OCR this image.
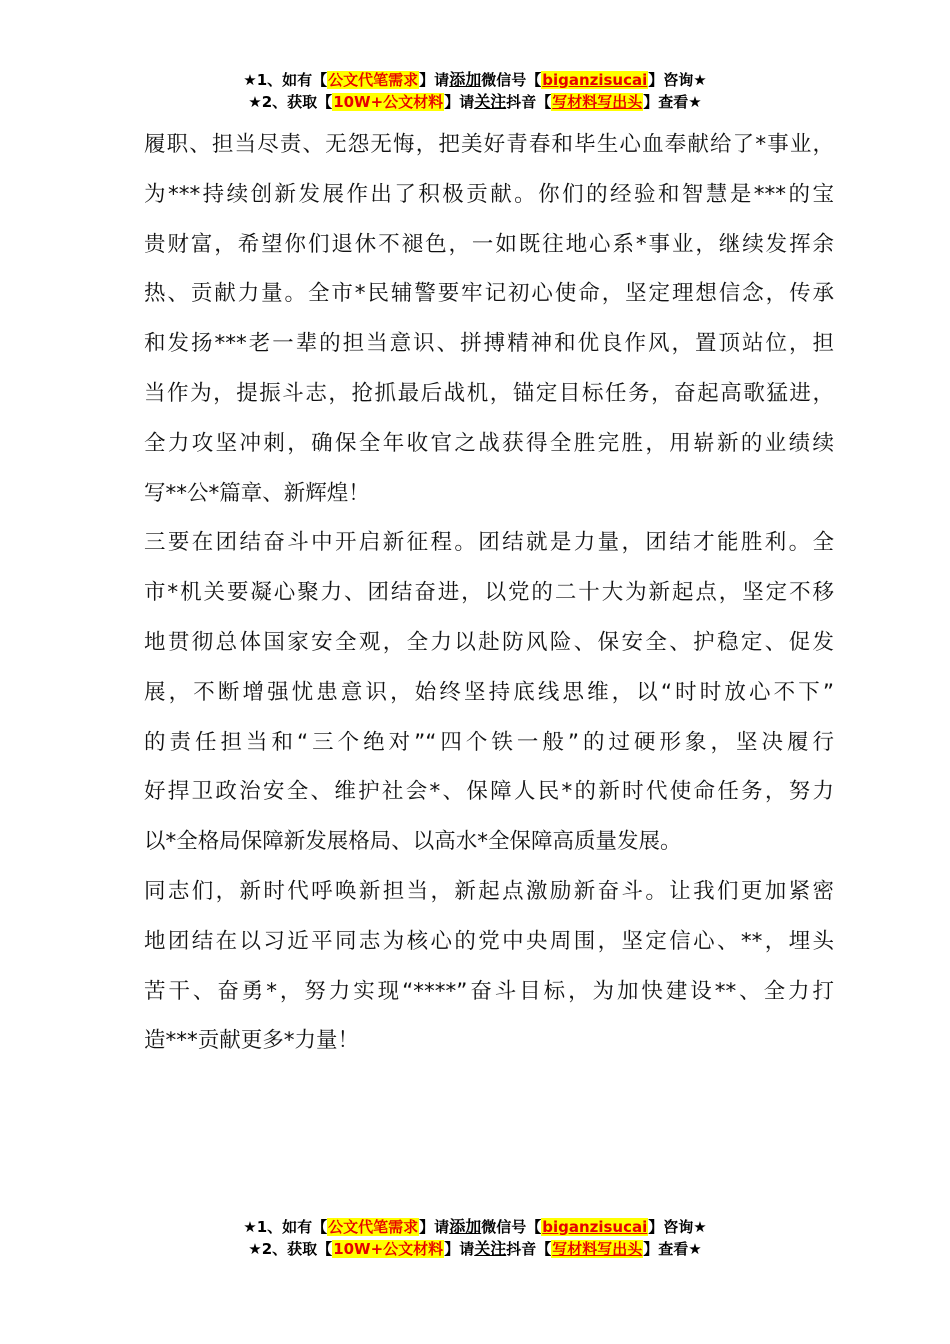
★1、如有【公文代笔需求】请添加微信号【biganzisucai】咨询★
★2、获取【10W+公文材料】请关注抖音【写材料写出头】查看★
履职、担当尽责、无怨无悔，把美好青春和毕生心血奉献给了*事业，
为***持续创新发展作出了积极贡献。你们的经验和智慧是***的宝
贵财富，希望你们退休不褪色，一如既往地心系*事业，继续发挥余
热、贡献力量。全市*民辅警要牢记初心使命，坚定理想信念，传承
和发扬***老一辈的担当意识、拼搏精神和优良作风，置顶站位，担
当作为，提振斗志，抢抓最后战机，锚定目标任务，奋起高歌猛进，
全力攻坚冲刺，确保全年收官之战获得全胜完胜，用崭新的业绩续
写**公*篇章、新辉煌！
三要在团结奋斗中开启新征程。团结就是力量，团结才能胜利。全
市*机关要凝心聚力、团结奋进，以党的二十大为新起点，坚定不移
地贯彻总体国家安全观，全力以赴防风险、保安全、护稳定、促发
展，不断增强忧患意识，始终坚持底线思维，以“时时放心不下”
的责任担当和“三个绝对”“四个铁一般”的过硬形象，坚决履行
好捍卫政治安全、维护社会*、保障人民*的新时代使命任务，努力
以*全格局保障新发展格局、以高水*全保障高质量发展。
同志们，新时代呼唤新担当，新起点激励新奋斗。让我们更加紧密
地团结在以习近平同志为核心的党中央周围，坚定信心、**，埋头
苦干、奋勇*，努力实现“****”奋斗目标，为加快建设**、全力打
造***贡献更多*力量！
★1、如有【公文代笔需求】请添加微信号【biganzisucai】咨询★
★2、获取【10W+公文材料】请关注抖音【写材料写出头】查看★
